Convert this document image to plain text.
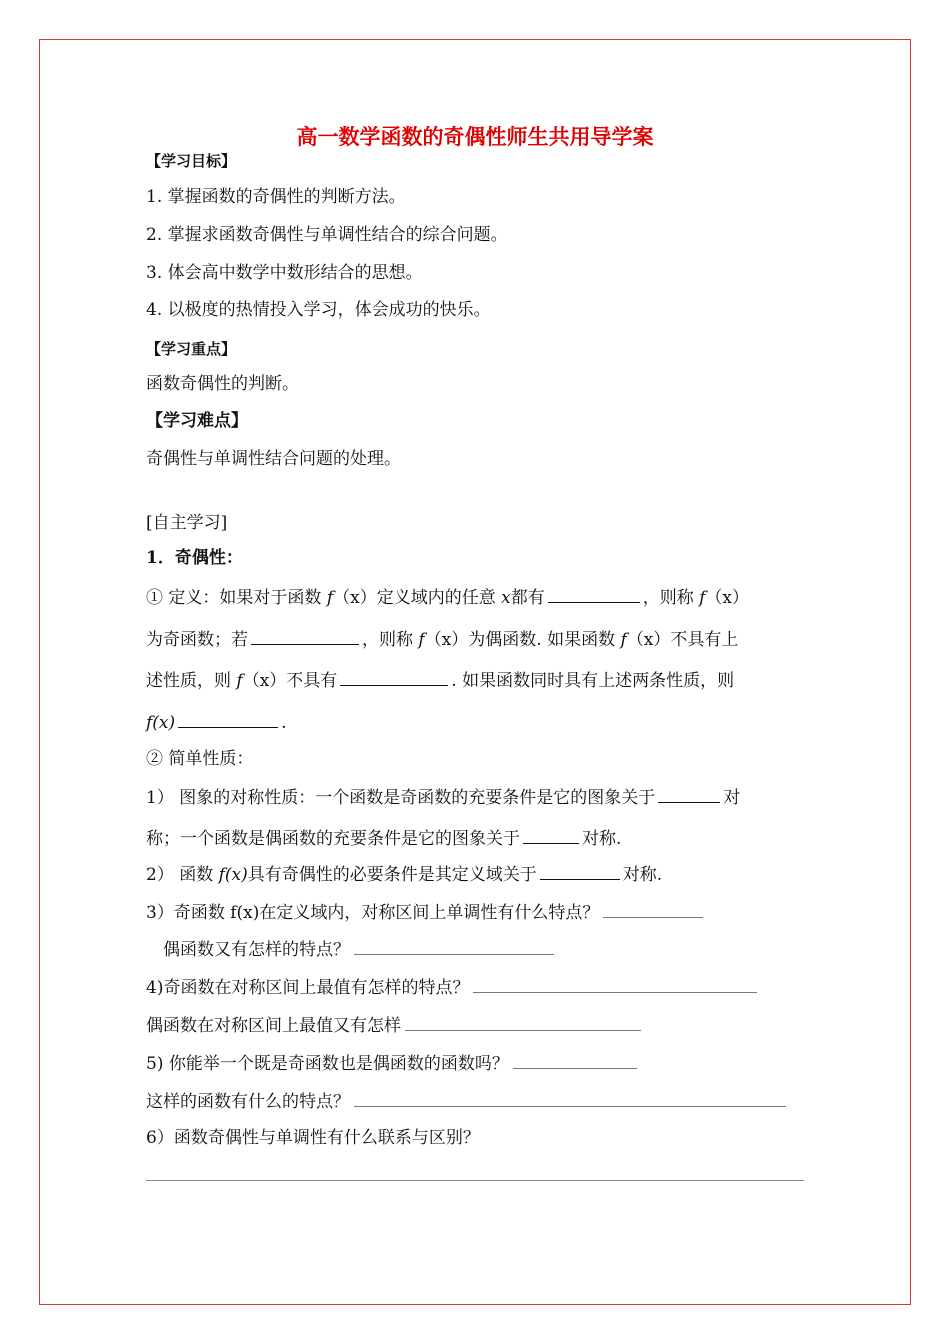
高一数学函数的奇偶性师生共用导学案
【学习目标】
1. 掌握函数的奇偶性的判断方法。
2. 掌握求函数奇偶性与单调性结合的综合问题。
3. 体会高中数学中数形结合的思想。
4. 以极度的热情投入学习，体会成功的快乐。
【学习重点】
函数奇偶性的判断。
【学习难点】
奇偶性与单调性结合问题的处理。
[自主学习]
1．奇偶性：
① 定义：如果对于函数 f（x）定义域内的任意 x都有	，则称 f（x）
为奇函数；若	，则称 f（x）为偶函数. 如果函数 f（x）不具有上
述性质，则 f（x）不具有	. 如果函数同时具有上述两条性质，则
f(x)	.
② 简单性质：
1） 图象的对称性质：一个函数是奇函数的充要条件是它的图象关于	对
称；一个函数是偶函数的充要条件是它的图象关于	对称.
2） 函数 f(x)具有奇偶性的必要条件是其定义域关于	对称.
3）奇函数 f(x)在定义域内，对称区间上单调性有什么特点？
偶函数又有怎样的特点？
4)奇函数在对称区间上最值有怎样的特点？
偶函数在对称区间上最值又有怎样
5) 你能举一个既是奇函数也是偶函数的函数吗？
这样的函数有什么的特点？
6）函数奇偶性与单调性有什么联系与区别？
